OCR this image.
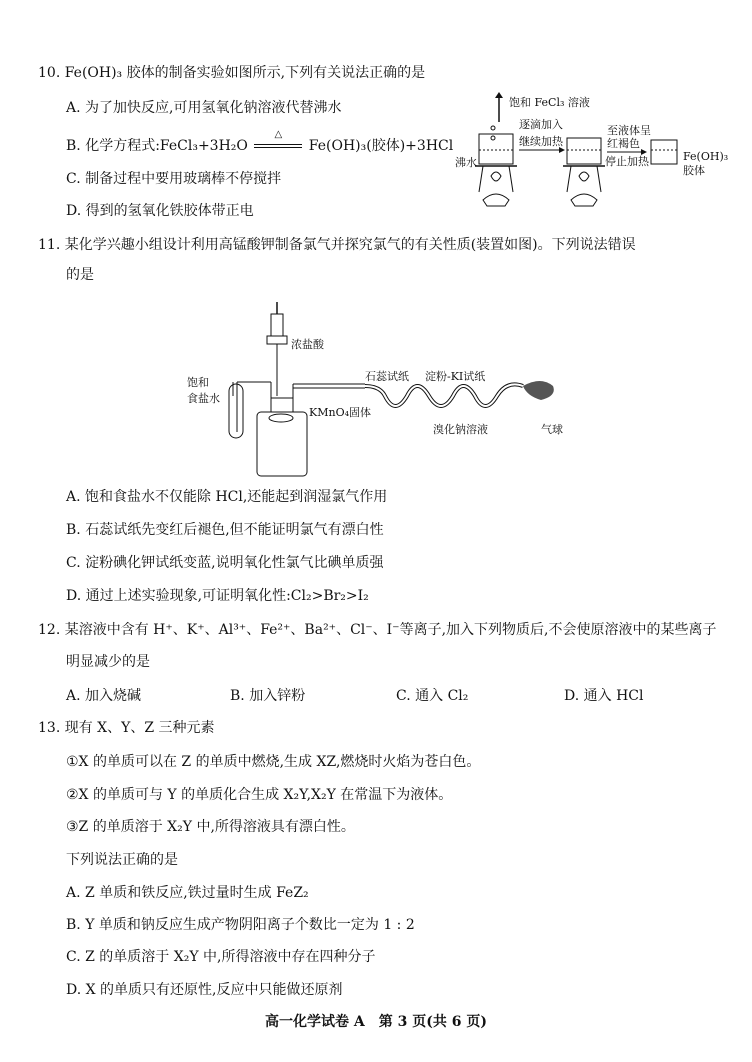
10. Fe(OH)₃ 胶体的制备实验如图所示,下列有关说法正确的是
A. 为了加快反应,可用氢氧化钠溶液代替沸水
B. 化学方程式:FeCl₃+3H₂O
△
Fe(OH)₃(胶体)+3HCl
C. 制备过程中要用玻璃棒不停搅拌
D. 得到的氢氧化铁胶体带正电
饱和 FeCl₃ 溶液
沸水
逐滴加入
继续加热
至液体呈
红褐色
停止加热	Fe(OH)₃
胶体
11. 某化学兴趣小组设计利用高锰酸钾制备氯气并探究氯气的有关性质(装置如图)。下列说法错误
的是
浓盐酸
KMnO₄固体
饱和
食盐水
石蕊试纸 淀粉-KI试纸
溴化钠溶液	气球
A. 饱和食盐水不仅能除 HCl,还能起到润湿氯气作用
B. 石蕊试纸先变红后褪色,但不能证明氯气有漂白性
C. 淀粉碘化钾试纸变蓝,说明氧化性氯气比碘单质强
D. 通过上述实验现象,可证明氧化性:Cl₂>Br₂>I₂
12. 某溶液中含有 H⁺、K⁺、Al³⁺、Fe²⁺、Ba²⁺、Cl⁻、I⁻等离子,加入下列物质后,不会使原溶液中的某些离子
明显减少的是
A. 加入烧碱	B. 加入锌粉	C. 通入 Cl₂	D. 通入 HCl
13. 现有 X、Y、Z 三种元素
①X 的单质可以在 Z 的单质中燃烧,生成 XZ,燃烧时火焰为苍白色。
②X 的单质可与 Y 的单质化合生成 X₂Y,X₂Y 在常温下为液体。
③Z 的单质溶于 X₂Y 中,所得溶液具有漂白性。
下列说法正确的是
A. Z 单质和铁反应,铁过量时生成 FeZ₂
B. Y 单质和钠反应生成产物阴阳离子个数比一定为 1 : 2
C. Z 的单质溶于 X₂Y 中,所得溶液中存在四种分子
D. X 的单质只有还原性,反应中只能做还原剂
高一化学试卷 A　第 3 页(共 6 页)
